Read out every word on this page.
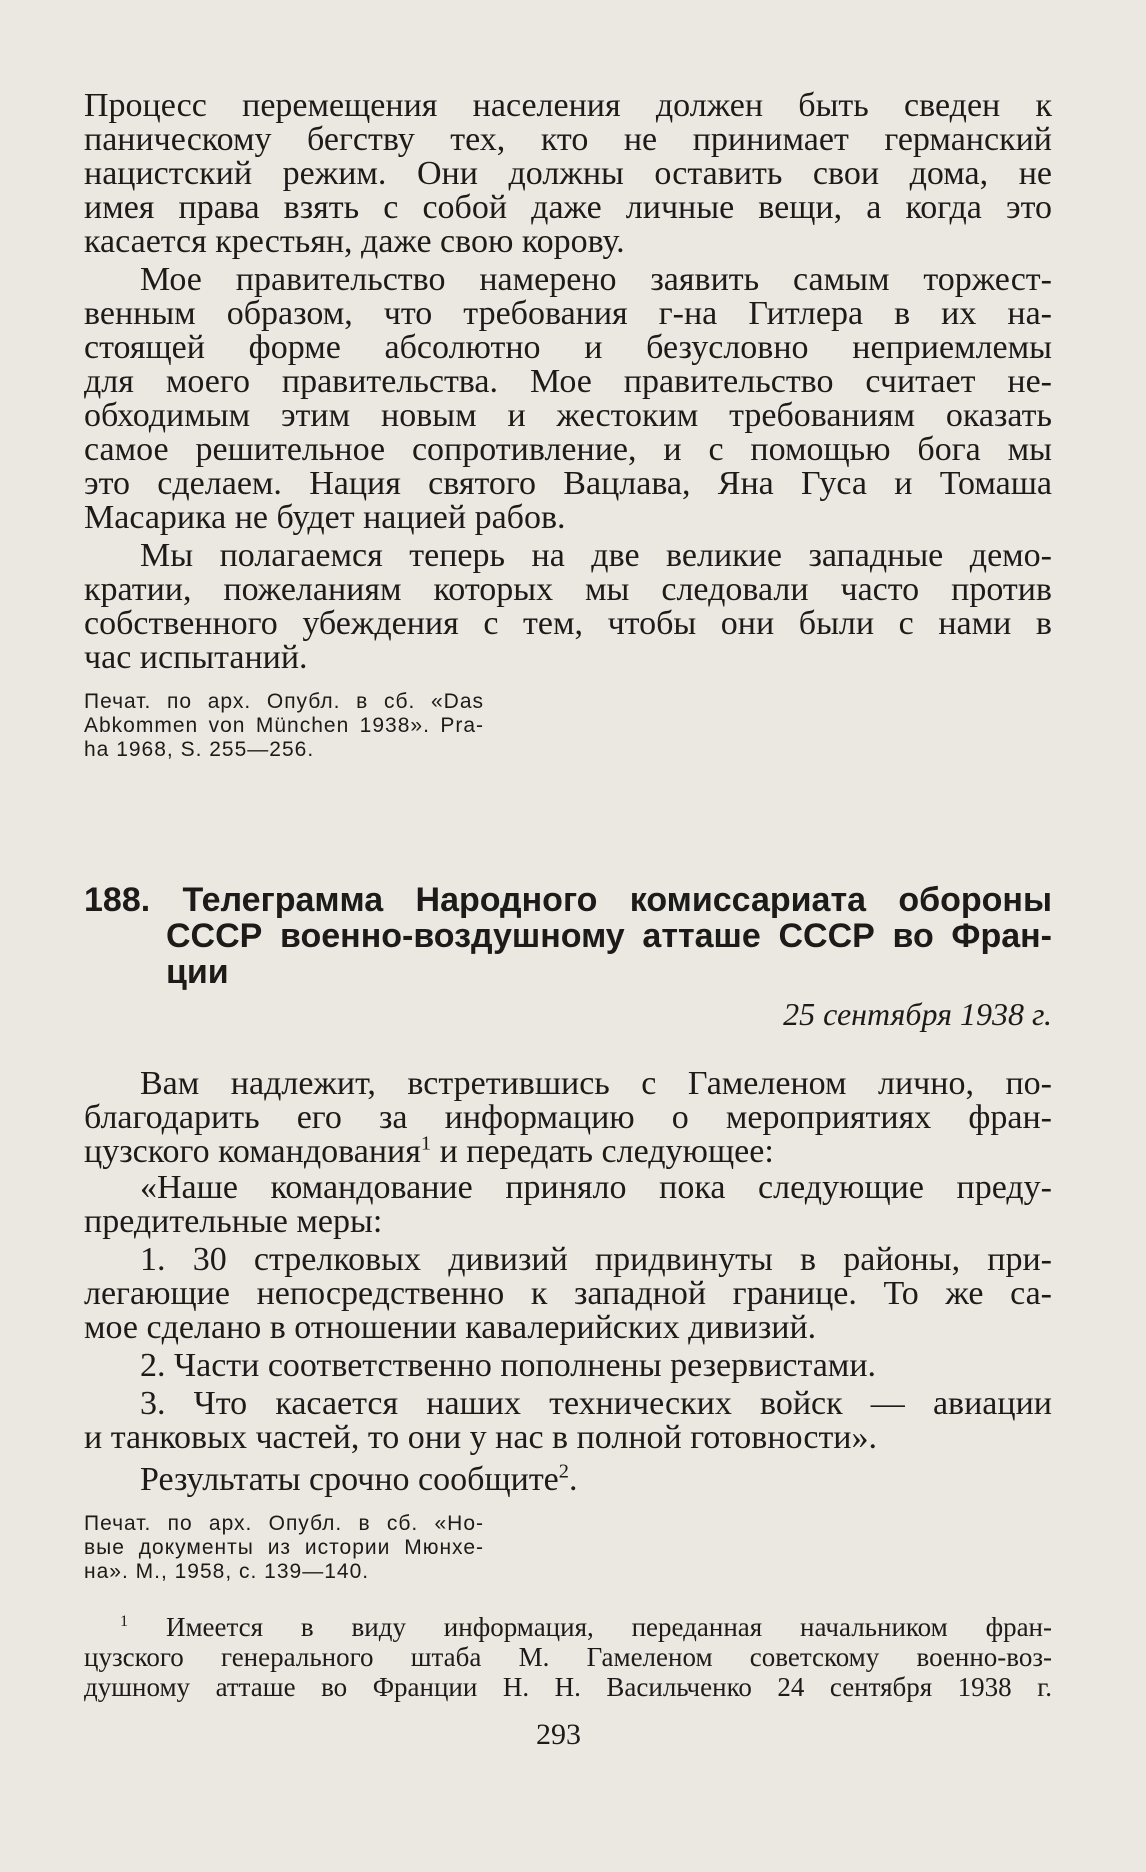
Процесс перемещения населения должен быть сведен к
паническому бегству тех, кто не принимает германский
нацистский режим. Они должны оставить свои дома, не
имея права взять с собой даже личные вещи, а когда это
касается крестьян, даже свою корову.
Мое правительство намерено заявить самым торжест-
венным образом, что требования г-на Гитлера в их на-
стоящей форме абсолютно и безусловно неприемлемы
для моего правительства. Мое правительство считает не-
обходимым этим новым и жестоким требованиям оказать
самое решительное сопротивление, и с помощью бога мы
это сделаем. Нация святого Вацлава, Яна Гуса и Томаша
Масарика не будет нацией рабов.
Мы полагаемся теперь на две великие западные демо-
кратии, пожеланиям которых мы следовали часто против
собственного убеждения с тем, чтобы они были с нами в
час испытаний.
Печат. по арх. Опубл. в сб. «Das
Abkommen von München 1938». Pra-
ha 1968, S. 255—256.
188. Телеграмма Народного комиссариата обороны
СССР военно-воздушному атташе СССР во Фран-
ции
25 сентября 1938 г.
Вам надлежит, встретившись с Гамеленом лично, по-
благодарить его за информацию о мероприятиях фран-
цузского командования$^1$ и передать следующее:
«Наше командование приняло пока следующие преду-
предительные меры:
1. 30 стрелковых дивизий придвинуты в районы, при-
легающие непосредственно к западной границе. То же са-
мое сделано в отношении кавалерийских дивизий.
2. Части соответственно пополнены резервистами.
3. Что касается наших технических войск — авиации
и танковых частей, то они у нас в полной готовности».
Результаты срочно сообщите$^2$.
Печат. по арх. Опубл. в сб. «Но-
вые документы из истории Мюнхе-
на». М., 1958, с. 139—140.
$^1$ Имеется в виду информация, переданная начальником фран-
цузского генерального штаба М. Гамеленом советскому военно-воз-
душному атташе во Франции Н. Н. Васильченко 24 сентября 1938 г.
293
